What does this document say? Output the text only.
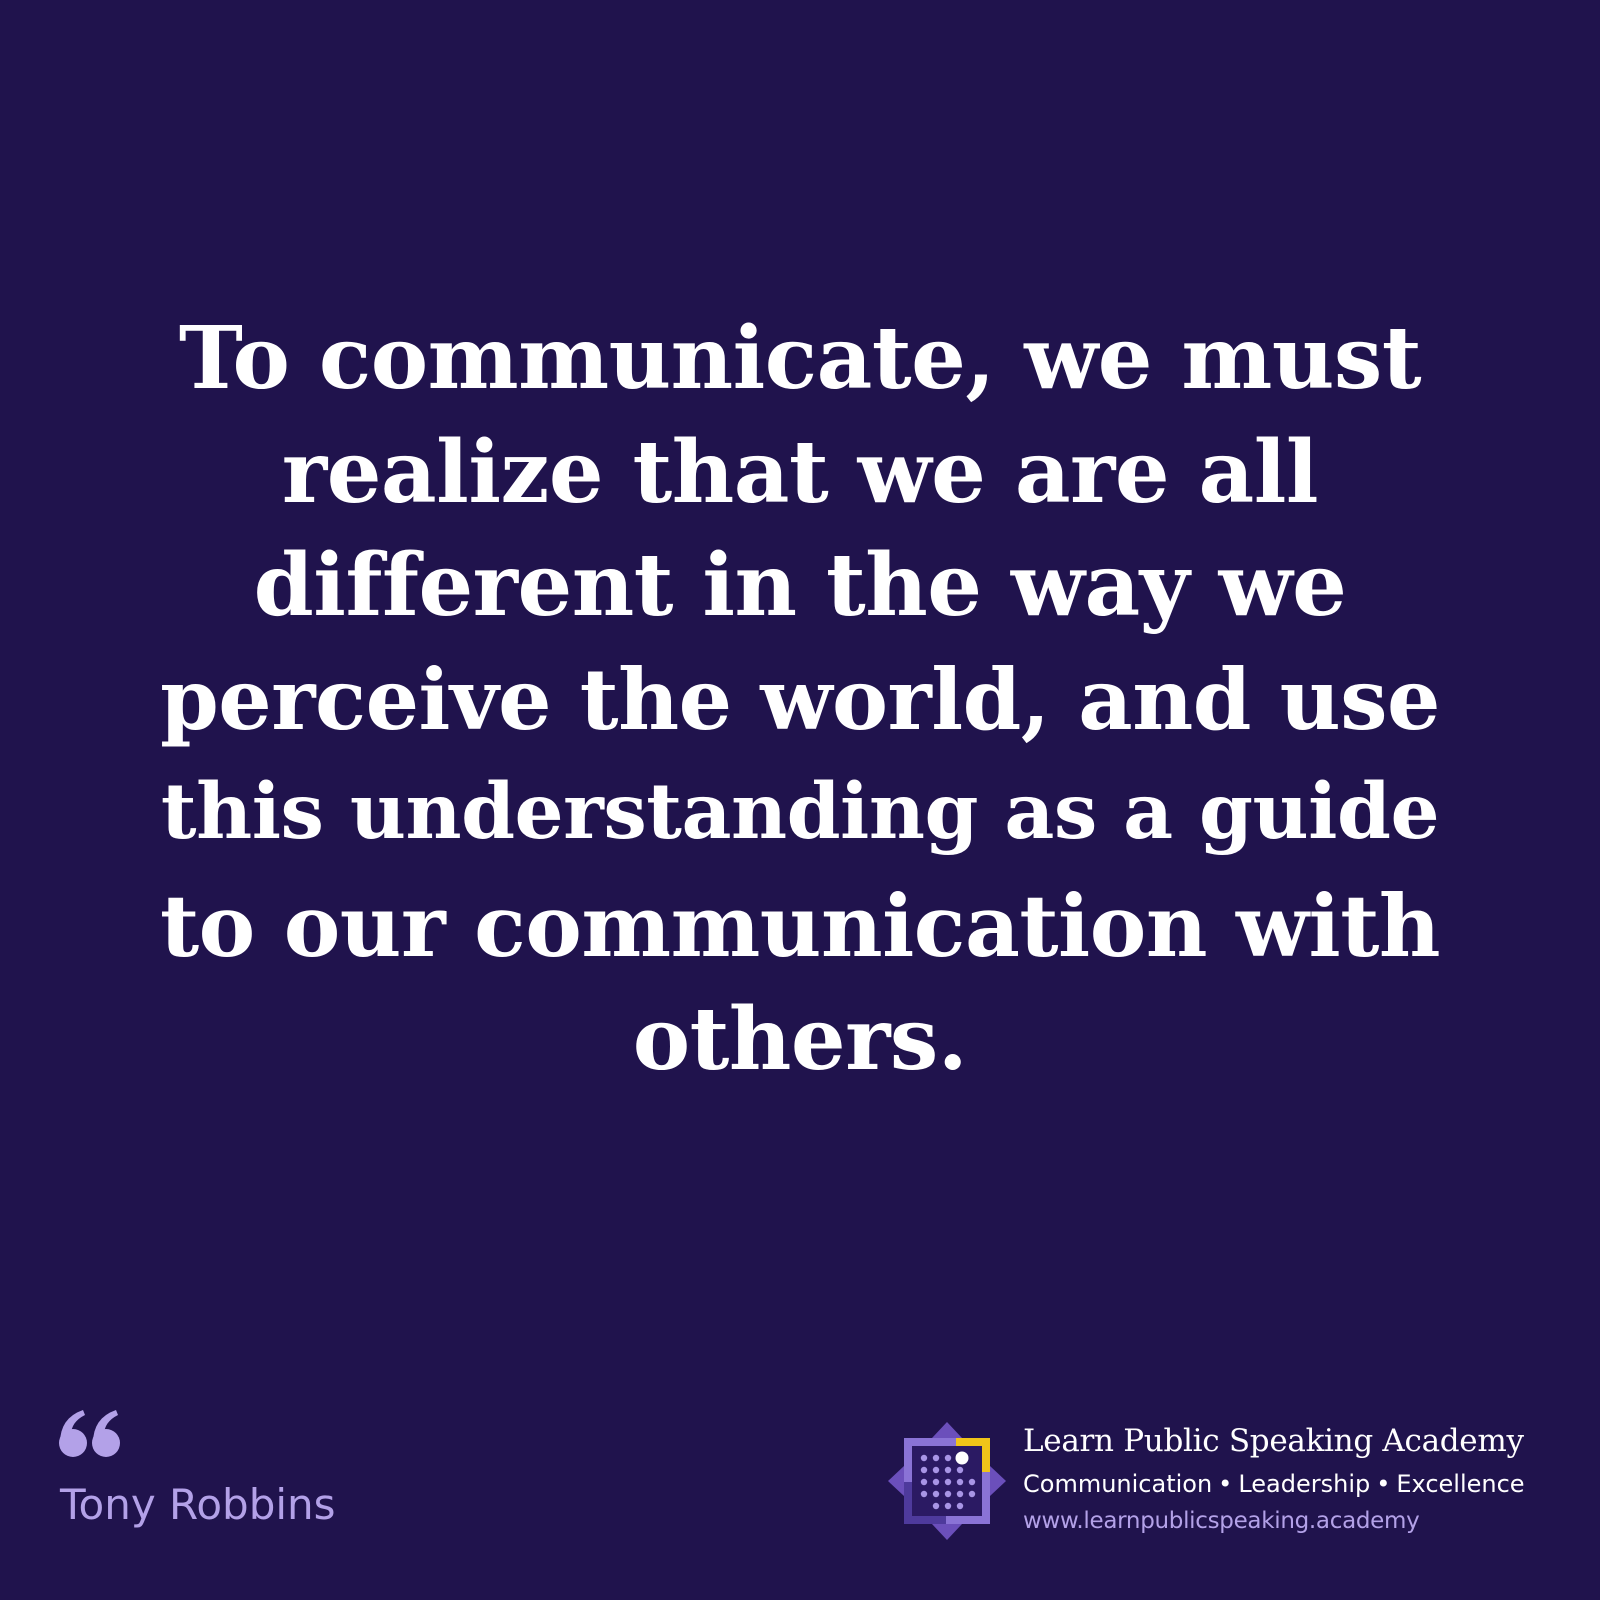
To communicate, we must
realize that we are all
different in the way we
perceive the world, and use
this understanding as a guide
to our communication with
others.

Tony Robbins

Learn Public Speaking Academy

Communication • Leadership • Excellence

www.learnpublicspeaking.academy
